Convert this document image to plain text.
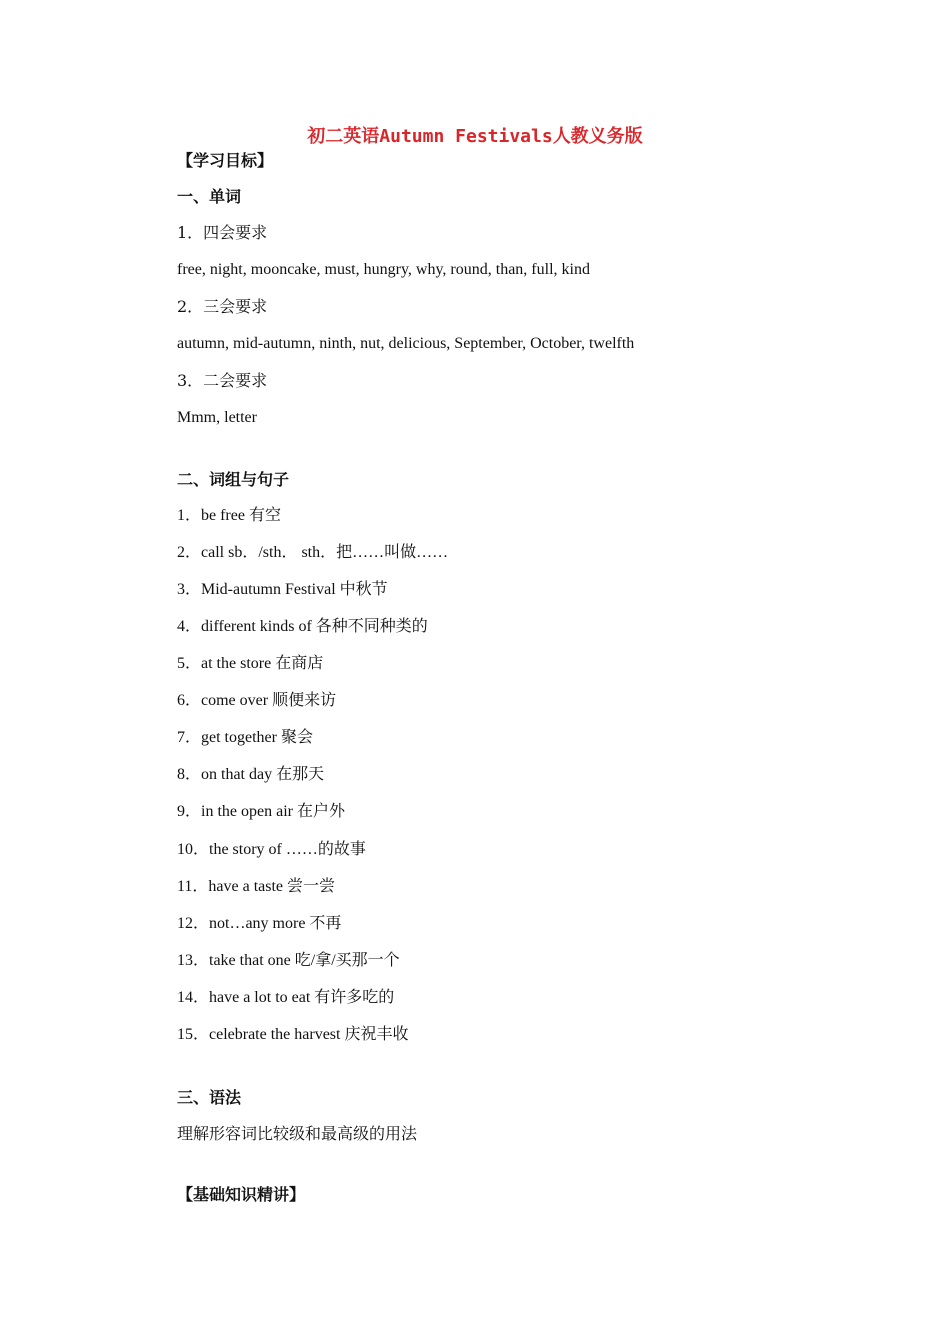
初二英语Autumn Festivals人教义务版
【学习目标】
一、单词
1．四会要求
free, night, mooncake, must, hungry, why, round, than, full, kind
2．三会要求
autumn, mid-autumn, ninth, nut, delicious, September, October, twelfth
3．二会要求
Mmm, letter
二、词组与句子
1．be free 有空
2．call sb．/sth． sth．把……叫做……
3．Mid-autumn Festival 中秋节
4．different kinds of 各种不同种类的
5．at the store 在商店
6．come over 顺便来访
7．get together 聚会
8．on that day 在那天
9．in the open air 在户外
10．the story of ……的故事
11．have a taste 尝一尝
12．not…any more 不再
13．take that one 吃/拿/买那一个
14．have a lot to eat 有许多吃的
15．celebrate the harvest 庆祝丰收
三、语法
理解形容词比较级和最高级的用法
【基础知识精讲】
